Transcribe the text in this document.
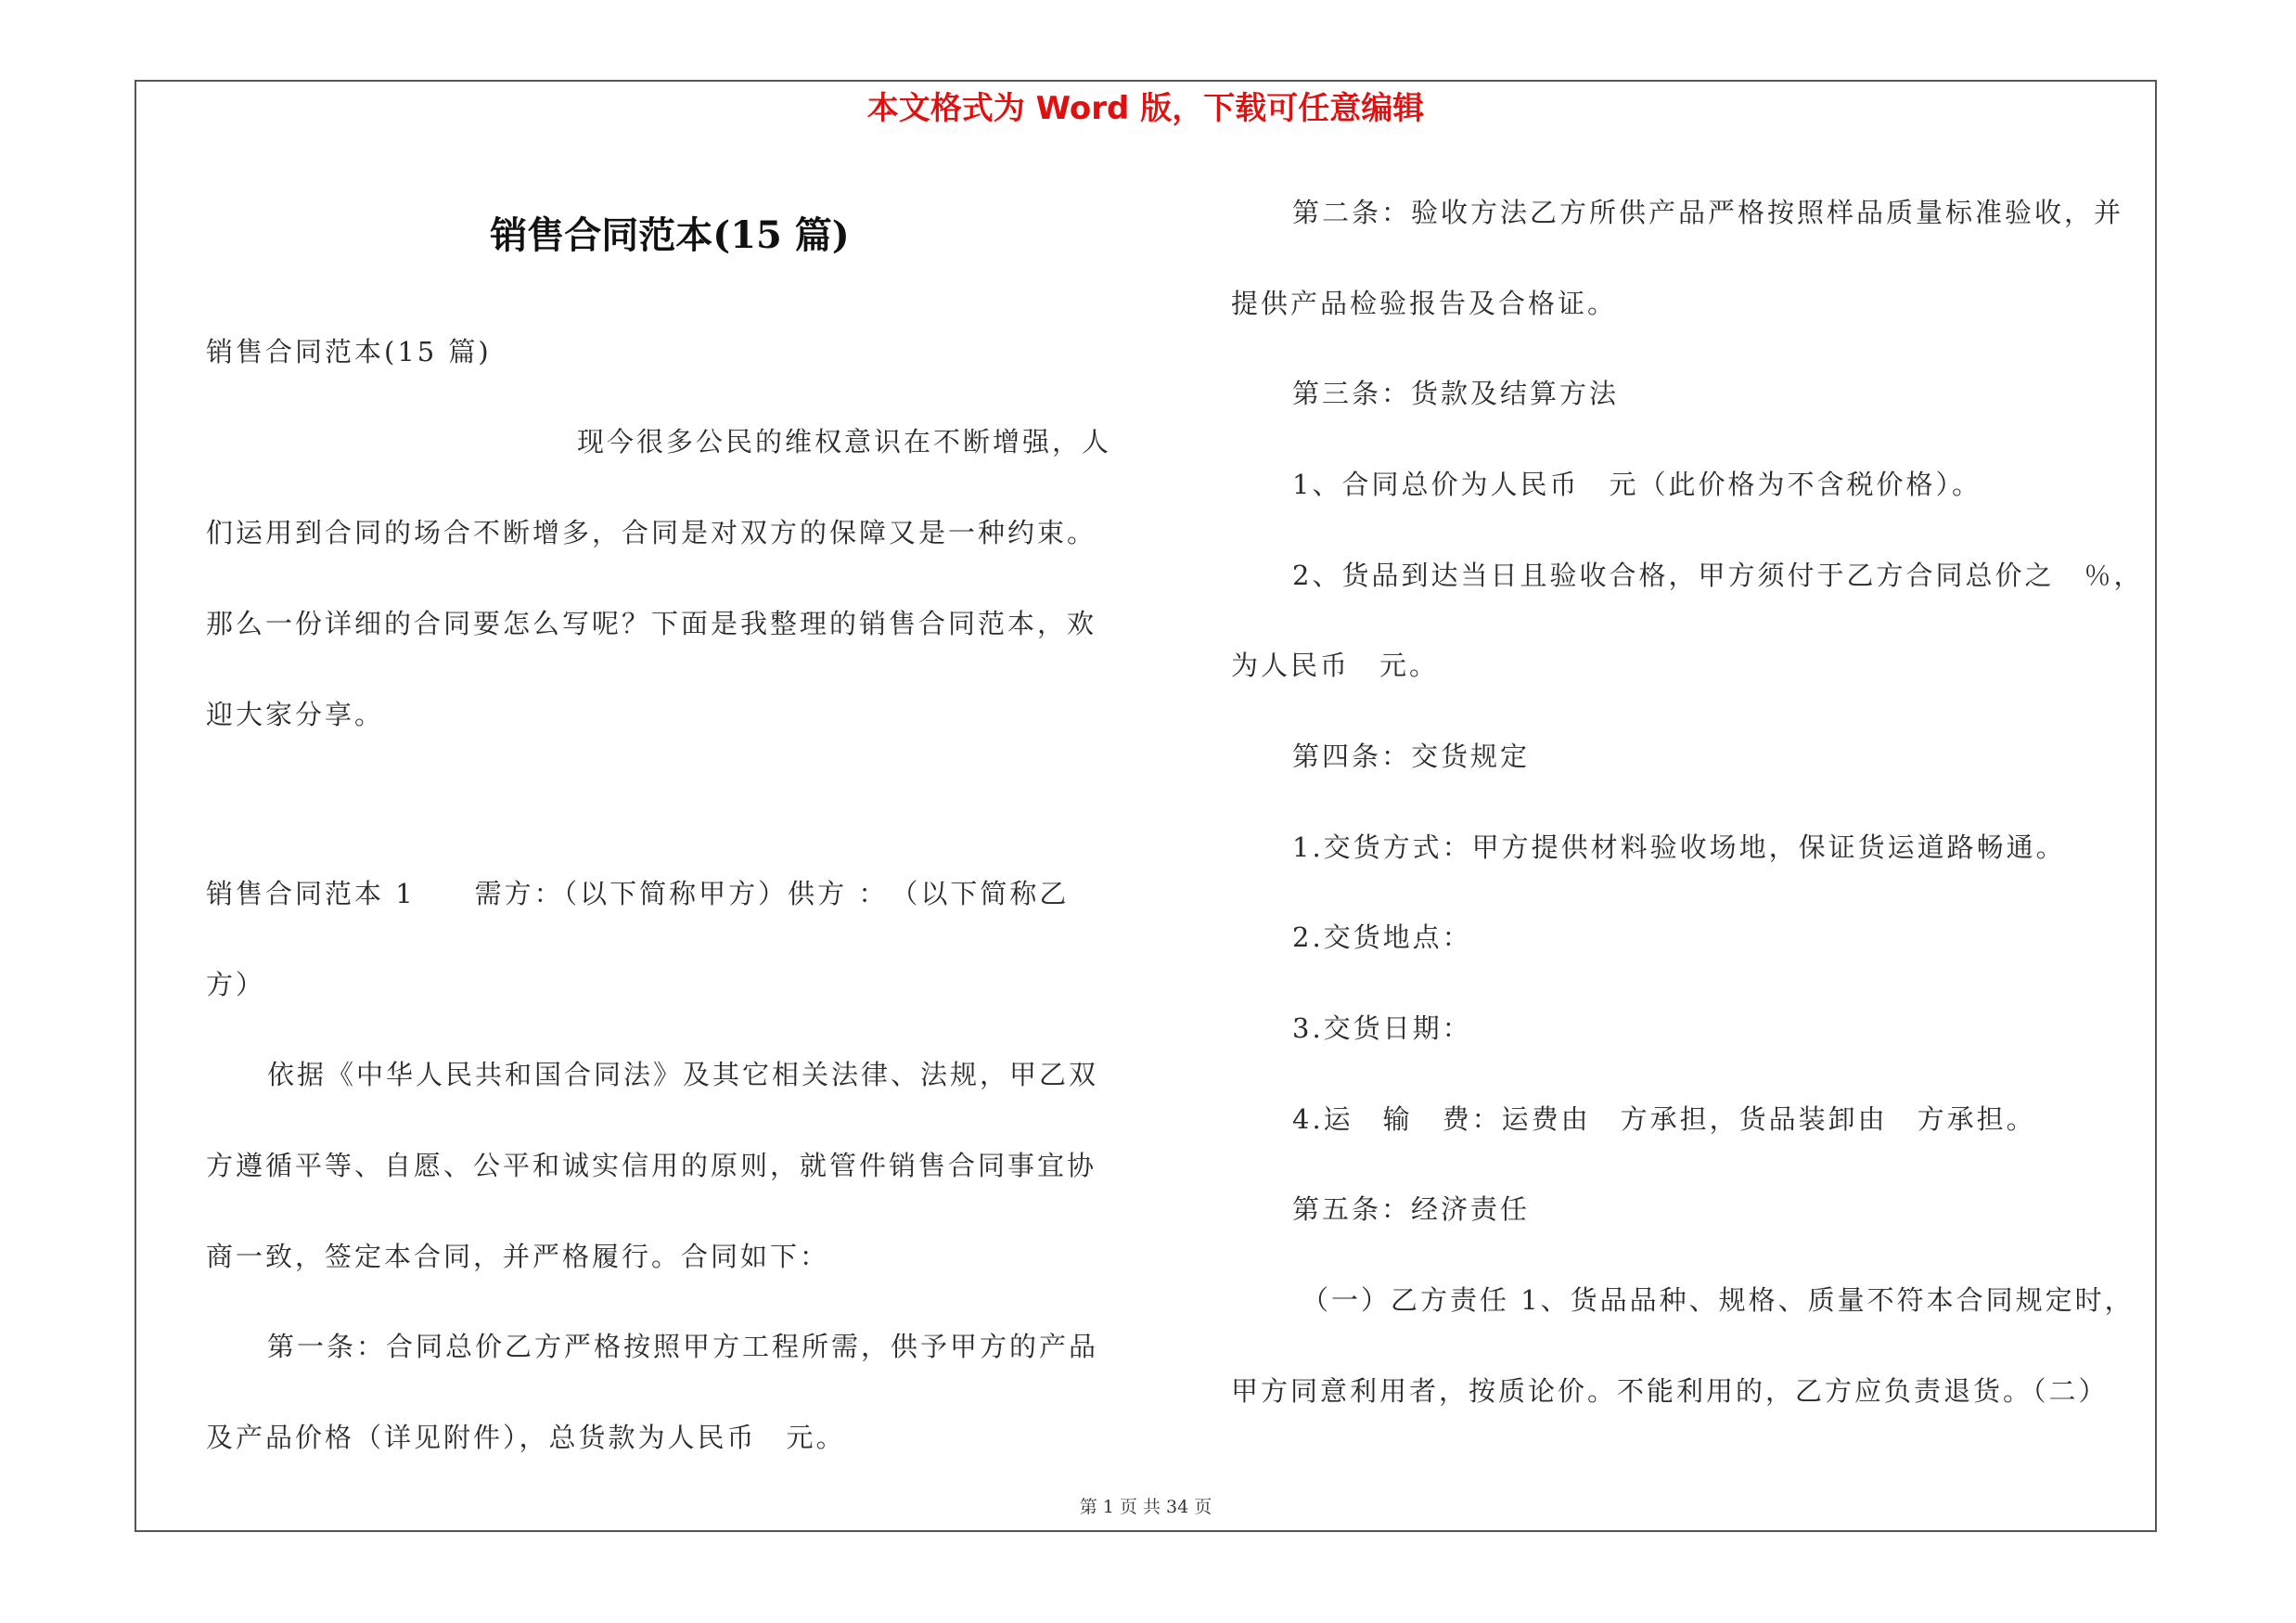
本文格式为 Word 版，下载可任意编辑
销售合同范本(15 篇)
销售合同范本(15 篇)
现今很多公民的维权意识在不断增强，人
们运用到合同的场合不断增多，合同是对双方的保障又是一种约束。
那么一份详细的合同要怎么写呢？下面是我整理的销售合同范本，欢
迎大家分享。
销售合同范本 1　　需方：（以下简称甲方）供方 ：　（以下简称乙
方）
依据《中华人民共和国合同法》及其它相关法律、法规，甲乙双
方遵循平等、自愿、公平和诚实信用的原则，就管件销售合同事宜协
商一致，签定本合同，并严格履行。合同如下：
第一条：合同总价乙方严格按照甲方工程所需，供予甲方的产品
及产品价格（详见附件），总货款为人民币　元。
第二条：验收方法乙方所供产品严格按照样品质量标准验收，并
提供产品检验报告及合格证。
第三条：货款及结算方法
1、合同总价为人民币　元（此价格为不含税价格）。
2、货品到达当日且验收合格，甲方须付于乙方合同总价之　％，
为人民币　元。
第四条：交货规定
1.交货方式：甲方提供材料验收场地，保证货运道路畅通。
2.交货地点：
3.交货日期：
4.运　输　费：运费由　方承担，货品装卸由　方承担。
第五条：经济责任
（一）乙方责任 1、货品品种、规格、质量不符本合同规定时，
甲方同意利用者，按质论价。不能利用的，乙方应负责退货。（二）
第 1 页 共 34 页
